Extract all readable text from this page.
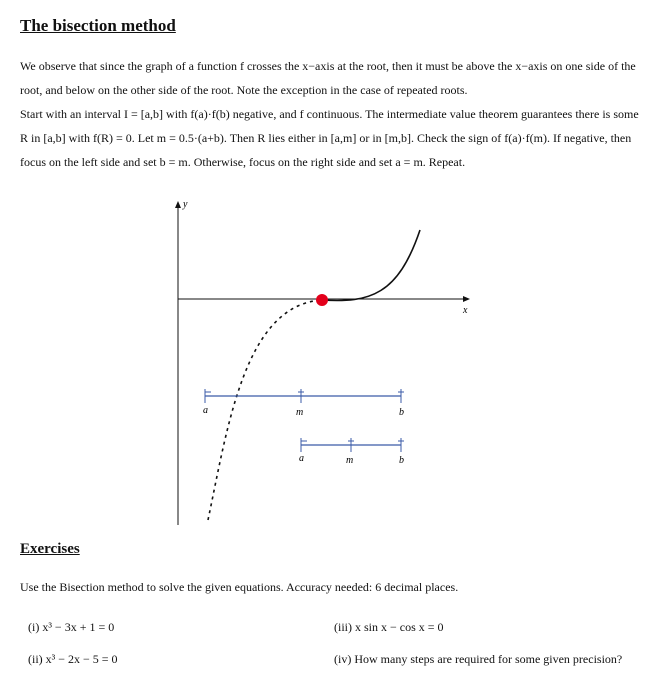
The bisection method

We observe that since the graph of a function f crosses the x−axis at the root, then it must be above the x−axis on one side of the root, and below on the other side of the root. Note the exception in the case of repeated roots.

Start with an interval I = [a,b] with f(a)·f(b) negative, and f continuous. The intermediate value theorem guarantees there is some R in [a,b] with f(R) = 0. Let m = 0.5·(a+b). Then R lies either in [a,m] or in [m,b]. Check the sign of f(a)·f(m). If negative, then focus on the left side and set b = m. Otherwise, focus on the right side and set a = m. Repeat.

y
x
a	m	b
a	m	b
Exercises
Use the Bisection method to solve the given equations. Accuracy needed: 6 decimal places.
(i) x³ − 3x + 1 = 0	(iii) x sin x − cos x = 0
(ii) x³ − 2x − 5 = 0	(iv) How many steps are required for some given precision?
